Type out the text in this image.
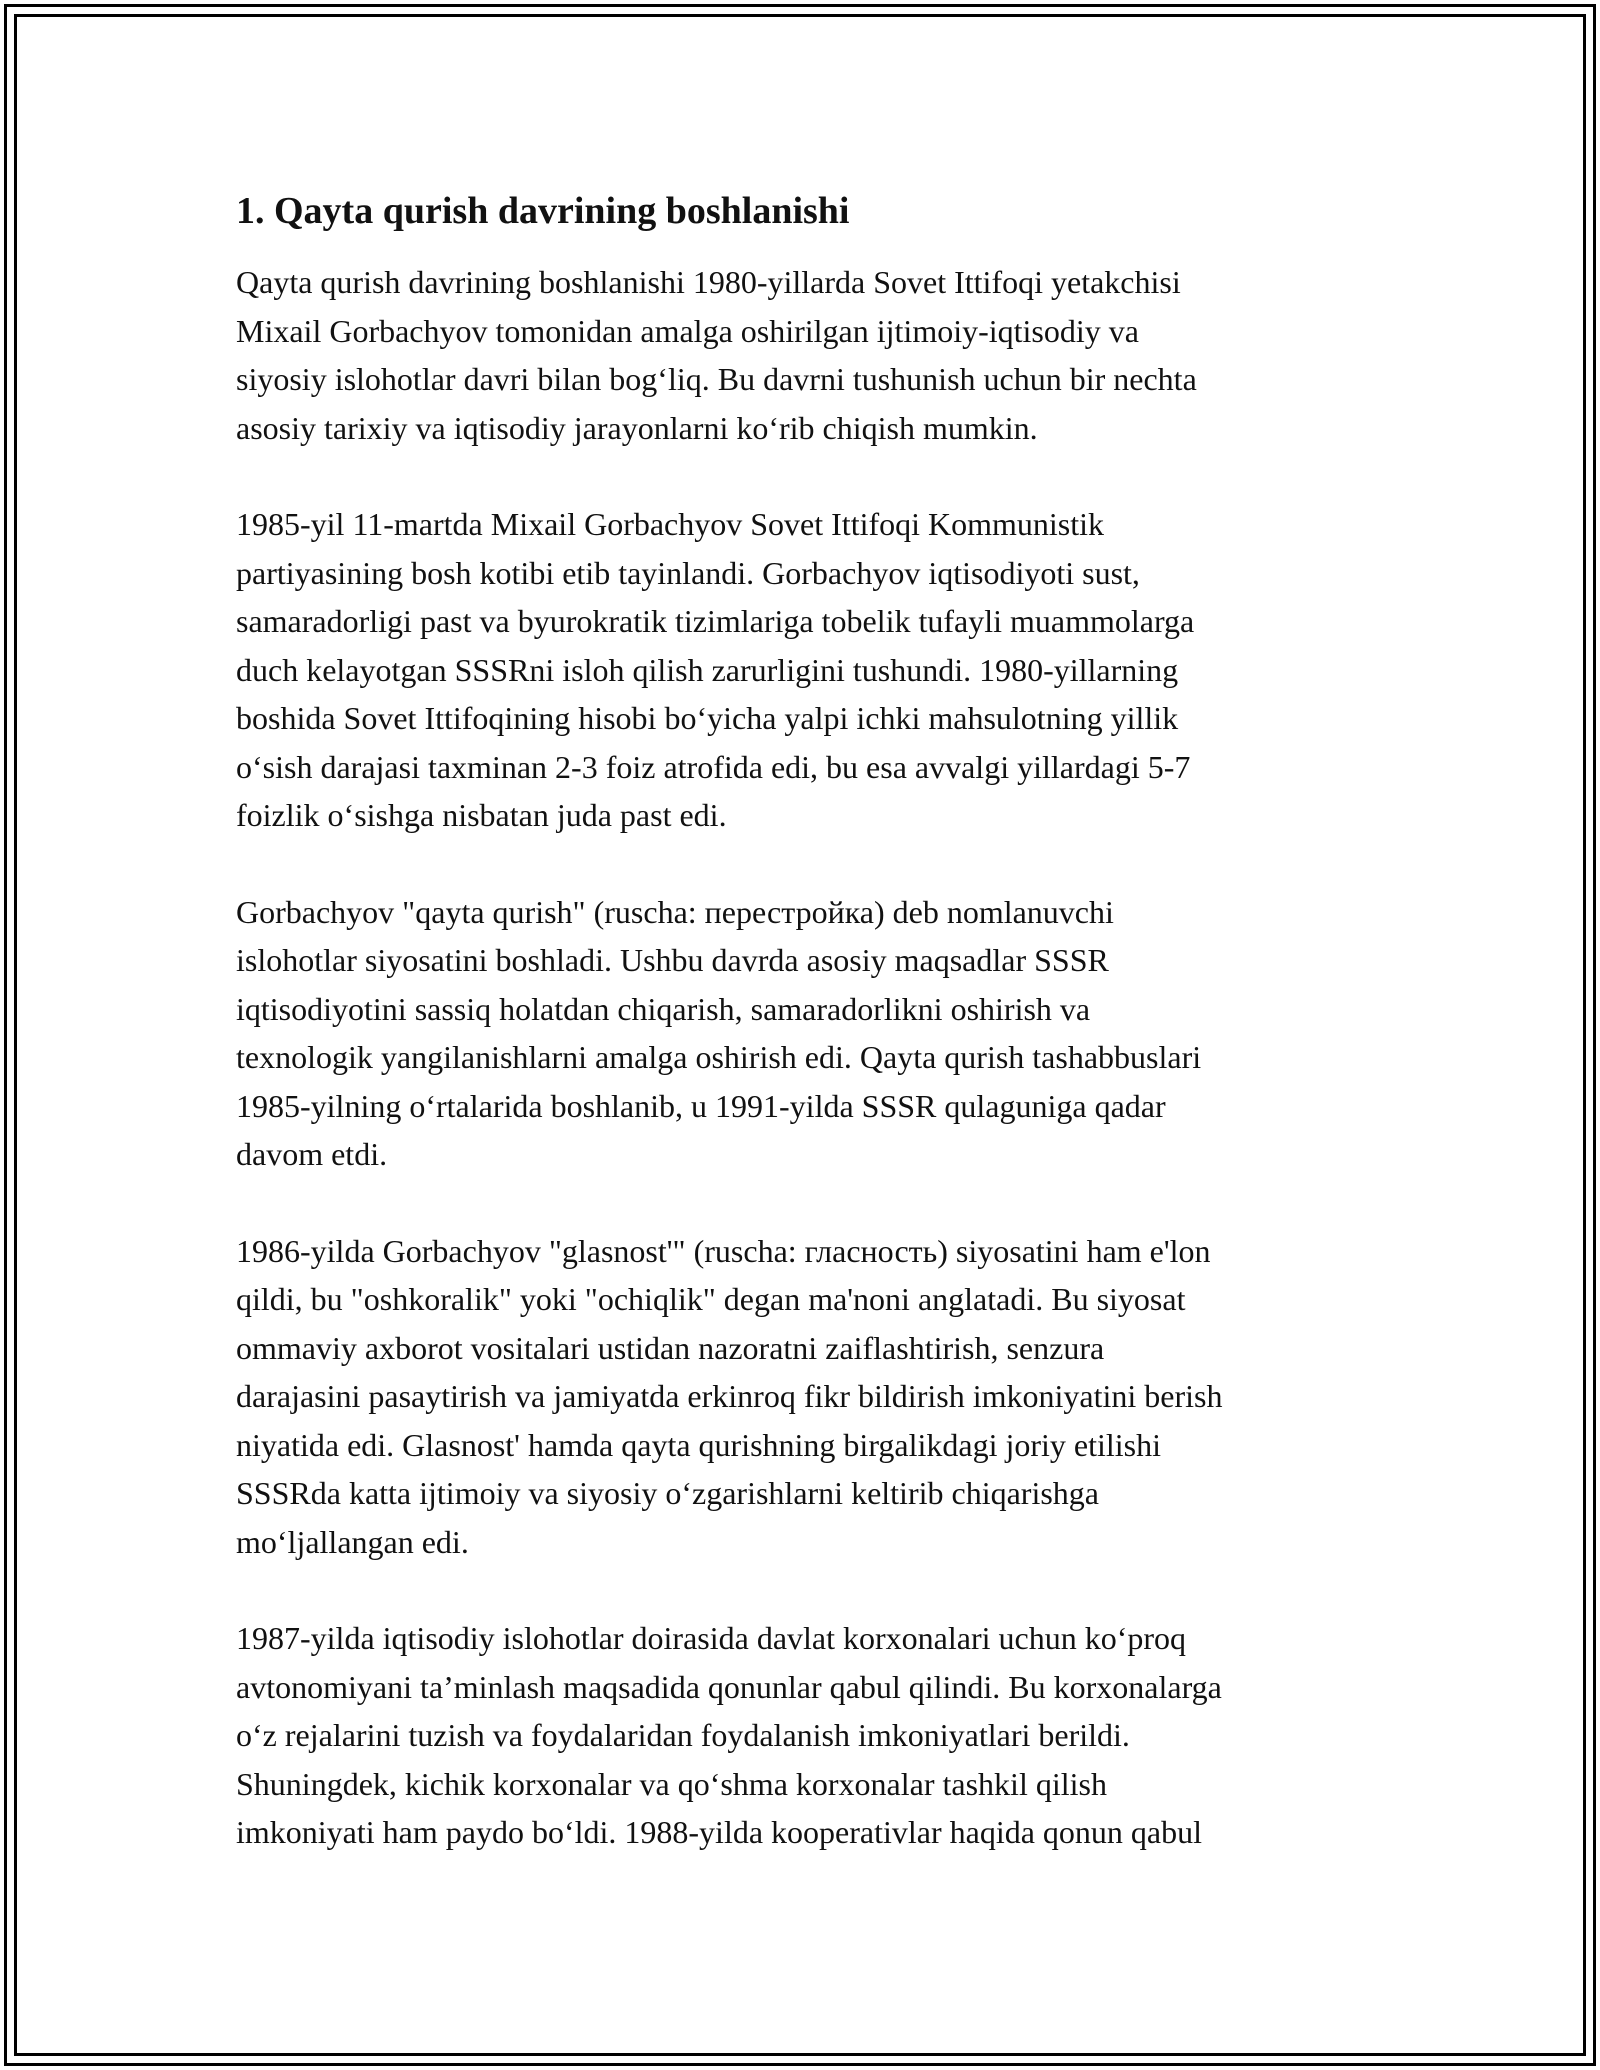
1. Qayta qurish davrining boshlanishi

Qayta qurish davrining boshlanishi 1980-yillarda Sovet Ittifoqi yetakchisi
Mixail Gorbachyov tomonidan amalga oshirilgan ijtimoiy-iqtisodiy va
siyosiy islohotlar davri bilan bog‘liq. Bu davrni tushunish uchun bir nechta
asosiy tarixiy va iqtisodiy jarayonlarni ko‘rib chiqish mumkin.

1985-yil 11-martda Mixail Gorbachyov Sovet Ittifoqi Kommunistik
partiyasining bosh kotibi etib tayinlandi. Gorbachyov iqtisodiyoti sust,
samaradorligi past va byurokratik tizimlariga tobelik tufayli muammolarga
duch kelayotgan SSSRni isloh qilish zarurligini tushundi. 1980-yillarning
boshida Sovet Ittifoqining hisobi bo‘yicha yalpi ichki mahsulotning yillik
o‘sish darajasi taxminan 2-3 foiz atrofida edi, bu esa avvalgi yillardagi 5-7
foizlik o‘sishga nisbatan juda past edi.

Gorbachyov "qayta qurish" (ruscha: перестройка) deb nomlanuvchi
islohotlar siyosatini boshladi. Ushbu davrda asosiy maqsadlar SSSR
iqtisodiyotini sassiq holatdan chiqarish, samaradorlikni oshirish va
texnologik yangilanishlarni amalga oshirish edi. Qayta qurish tashabbuslari
1985-yilning o‘rtalarida boshlanib, u 1991-yilda SSSR qulaguniga qadar
davom etdi.

1986-yilda Gorbachyov "glasnost'" (ruscha: гласность) siyosatini ham e'lon
qildi, bu "oshkoralik" yoki "ochiqlik" degan ma'noni anglatadi. Bu siyosat
ommaviy axborot vositalari ustidan nazoratni zaiflashtirish, senzura
darajasini pasaytirish va jamiyatda erkinroq fikr bildirish imkoniyatini berish
niyatida edi. Glasnost' hamda qayta qurishning birgalikdagi joriy etilishi
SSSRda katta ijtimoiy va siyosiy o‘zgarishlarni keltirib chiqarishga
mo‘ljallangan edi.

1987-yilda iqtisodiy islohotlar doirasida davlat korxonalari uchun ko‘proq
avtonomiyani ta’minlash maqsadida qonunlar qabul qilindi. Bu korxonalarga
o‘z rejalarini tuzish va foydalaridan foydalanish imkoniyatlari berildi.
Shuningdek, kichik korxonalar va qo‘shma korxonalar tashkil qilish
imkoniyati ham paydo bo‘ldi. 1988-yilda kooperativlar haqida qonun qabul
